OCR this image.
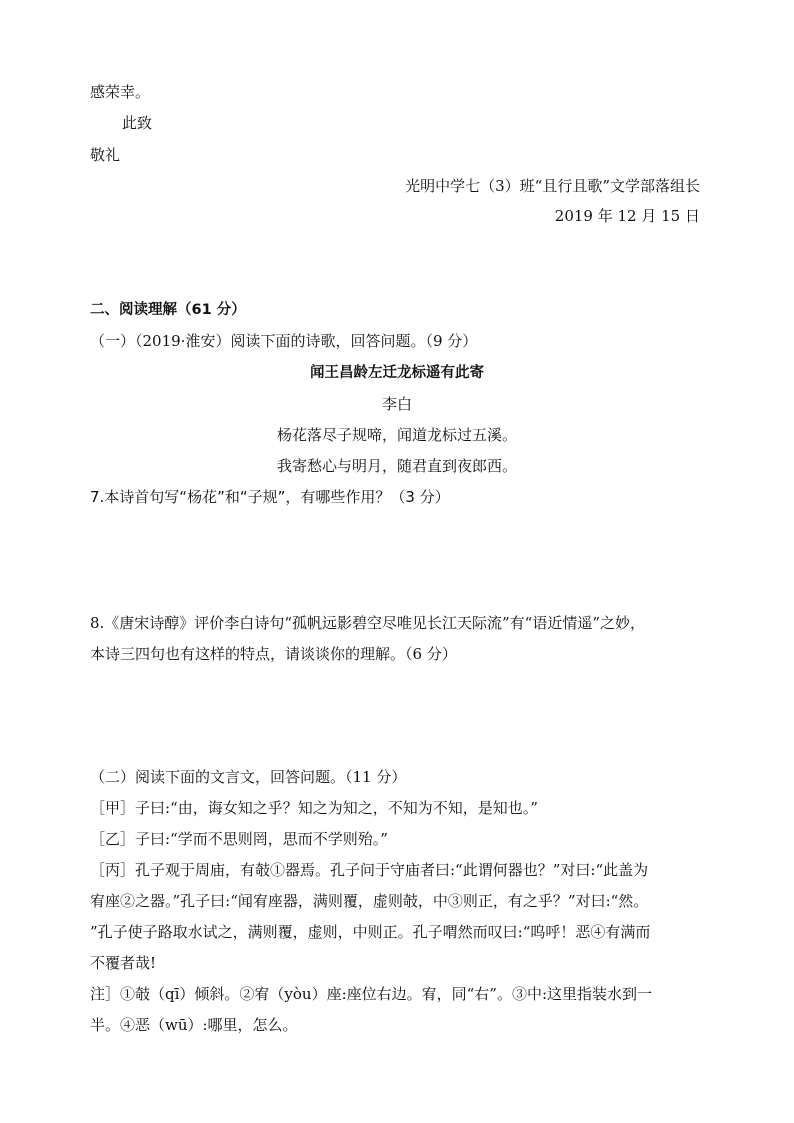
感荣幸。
此致
敬礼
光明中学七（3）班“且行且歌”文学部落组长
2019 年 12 月 15 日
二、阅读理解（61 分）
（一）（2019·淮安）阅读下面的诗歌，回答问题。（9 分）
闻王昌龄左迁龙标遥有此寄
李白
杨花落尽子规啼，闻道龙标过五溪。
我寄愁心与明月，随君直到夜郎西。
7.本诗首句写“杨花”和“子规”，有哪些作用？（3 分）
8.《唐宋诗醇》评价李白诗句“孤帆远影碧空尽唯见长江天际流”有“语近情遥”之妙，
本诗三四句也有这样的特点，请谈谈你的理解。（6 分）
（二）阅读下面的文言文，回答问题。（11 分）
［甲］子曰:“由，诲女知之乎？知之为知之，不知为不知，是知也。”
［乙］子曰:“学而不思则罔，思而不学则殆。”
［丙］孔子观于周庙，有攲①器焉。孔子问于守庙者曰:“此谓何器也？”对曰:“此盖为
宥座②之器。”孔子曰:“闻宥座器，满则覆，虚则攲，中③则正，有之乎？”对曰:“然。
”孔子使子路取水试之，满则覆，虚则，中则正。孔子喟然而叹曰:“呜呼！恶④有满而
不覆者哉!
注］①攲（qī）倾斜。②宥（yòu）座:座位右边。宥，同“右”。③中:这里指装水到一
半。④恶（wū）:哪里，怎么。
